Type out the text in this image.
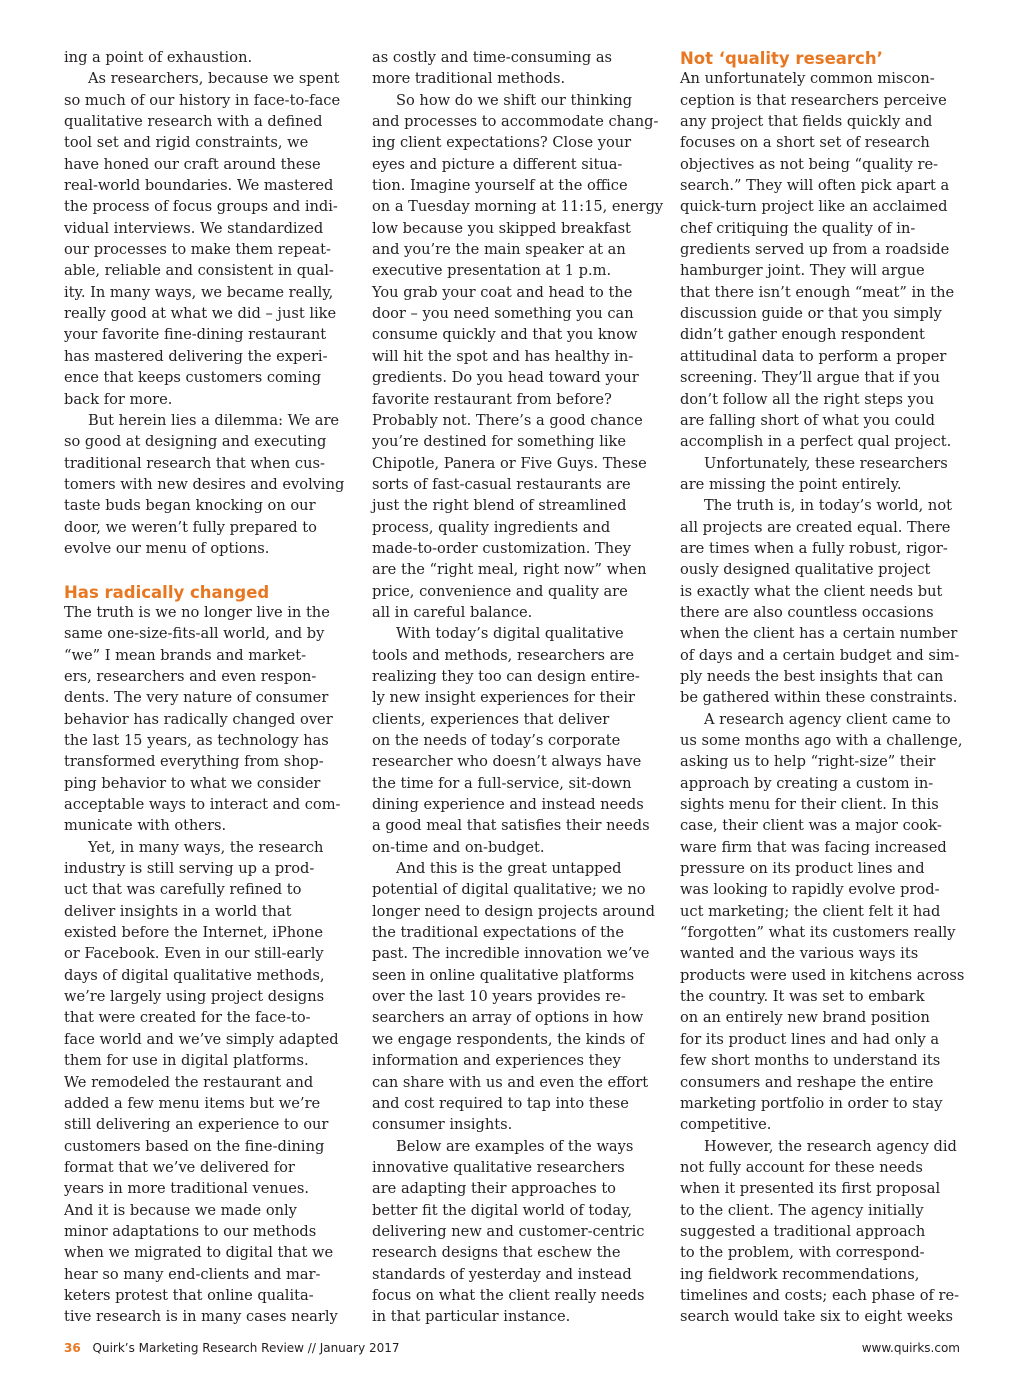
ing a point of exhaustion.
As researchers, because we spent
so much of our history in face-to-face
qualitative research with a defined
tool set and rigid constraints, we
have honed our craft around these
real-world boundaries. We mastered
the process of focus groups and indi-
vidual interviews. We standardized
our processes to make them repeat-
able, reliable and consistent in qual-
ity. In many ways, we became really,
really good at what we did – just like
your favorite fine-dining restaurant
has mastered delivering the experi-
ence that keeps customers coming
back for more.
But herein lies a dilemma: We are
so good at designing and executing
traditional research that when cus-
tomers with new desires and evolving
taste buds began knocking on our
door, we weren’t fully prepared to
evolve our menu of options.
Has radically changed
The truth is we no longer live in the
same one-size-fits-all world, and by
“we” I mean brands and market-
ers, researchers and even respon-
dents. The very nature of consumer
behavior has radically changed over
the last 15 years, as technology has
transformed everything from shop-
ping behavior to what we consider
acceptable ways to interact and com-
municate with others.
Yet, in many ways, the research
industry is still serving up a prod-
uct that was carefully refined to
deliver insights in a world that
existed before the Internet, iPhone
or Facebook. Even in our still-early
days of digital qualitative methods,
we’re largely using project designs
that were created for the face-to-
face world and we’ve simply adapted
them for use in digital platforms.
We remodeled the restaurant and
added a few menu items but we’re
still delivering an experience to our
customers based on the fine-dining
format that we’ve delivered for
years in more traditional venues.
And it is because we made only
minor adaptations to our methods
when we migrated to digital that we
hear so many end-clients and mar-
keters protest that online qualita-
tive research is in many cases nearly
as costly and time-consuming as
more traditional methods.
So how do we shift our thinking
and processes to accommodate chang-
ing client expectations? Close your
eyes and picture a different situa-
tion. Imagine yourself at the office
on a Tuesday morning at 11:15, energy
low because you skipped breakfast
and you’re the main speaker at an
executive presentation at 1 p.m.
You grab your coat and head to the
door – you need something you can
consume quickly and that you know
will hit the spot and has healthy in-
gredients. Do you head toward your
favorite restaurant from before?
Probably not. There’s a good chance
you’re destined for something like
Chipotle, Panera or Five Guys. These
sorts of fast-casual restaurants are
just the right blend of streamlined
process, quality ingredients and
made-to-order customization. They
are the “right meal, right now” when
price, convenience and quality are
all in careful balance.
With today’s digital qualitative
tools and methods, researchers are
realizing they too can design entire-
ly new insight experiences for their
clients, experiences that deliver
on the needs of today’s corporate
researcher who doesn’t always have
the time for a full-service, sit-down
dining experience and instead needs
a good meal that satisfies their needs
on-time and on-budget.
And this is the great untapped
potential of digital qualitative; we no
longer need to design projects around
the traditional expectations of the
past. The incredible innovation we’ve
seen in online qualitative platforms
over the last 10 years provides re-
searchers an array of options in how
we engage respondents, the kinds of
information and experiences they
can share with us and even the effort
and cost required to tap into these
consumer insights.
Below are examples of the ways
innovative qualitative researchers
are adapting their approaches to
better fit the digital world of today,
delivering new and customer-centric
research designs that eschew the
standards of yesterday and instead
focus on what the client really needs
in that particular instance.
Not ‘quality research’
An unfortunately common miscon-
ception is that researchers perceive
any project that fields quickly and
focuses on a short set of research
objectives as not being “quality re-
search.” They will often pick apart a
quick-turn project like an acclaimed
chef critiquing the quality of in-
gredients served up from a roadside
hamburger joint. They will argue
that there isn’t enough “meat” in the
discussion guide or that you simply
didn’t gather enough respondent
attitudinal data to perform a proper
screening. They’ll argue that if you
don’t follow all the right steps you
are falling short of what you could
accomplish in a perfect qual project.
Unfortunately, these researchers
are missing the point entirely.
The truth is, in today’s world, not
all projects are created equal. There
are times when a fully robust, rigor-
ously designed qualitative project
is exactly what the client needs but
there are also countless occasions
when the client has a certain number
of days and a certain budget and sim-
ply needs the best insights that can
be gathered within these constraints.
A research agency client came to
us some months ago with a challenge,
asking us to help “right-size” their
approach by creating a custom in-
sights menu for their client. In this
case, their client was a major cook-
ware firm that was facing increased
pressure on its product lines and
was looking to rapidly evolve prod-
uct marketing; the client felt it had
“forgotten” what its customers really
wanted and the various ways its
products were used in kitchens across
the country. It was set to embark
on an entirely new brand position
for its product lines and had only a
few short months to understand its
consumers and reshape the entire
marketing portfolio in order to stay
competitive.
However, the research agency did
not fully account for these needs
when it presented its first proposal
to the client. The agency initially
suggested a traditional approach
to the problem, with correspond-
ing fieldwork recommendations,
timelines and costs; each phase of re-
search would take six to eight weeks
36 Quirk’s Marketing Research Review // January 2017	www.quirks.com
